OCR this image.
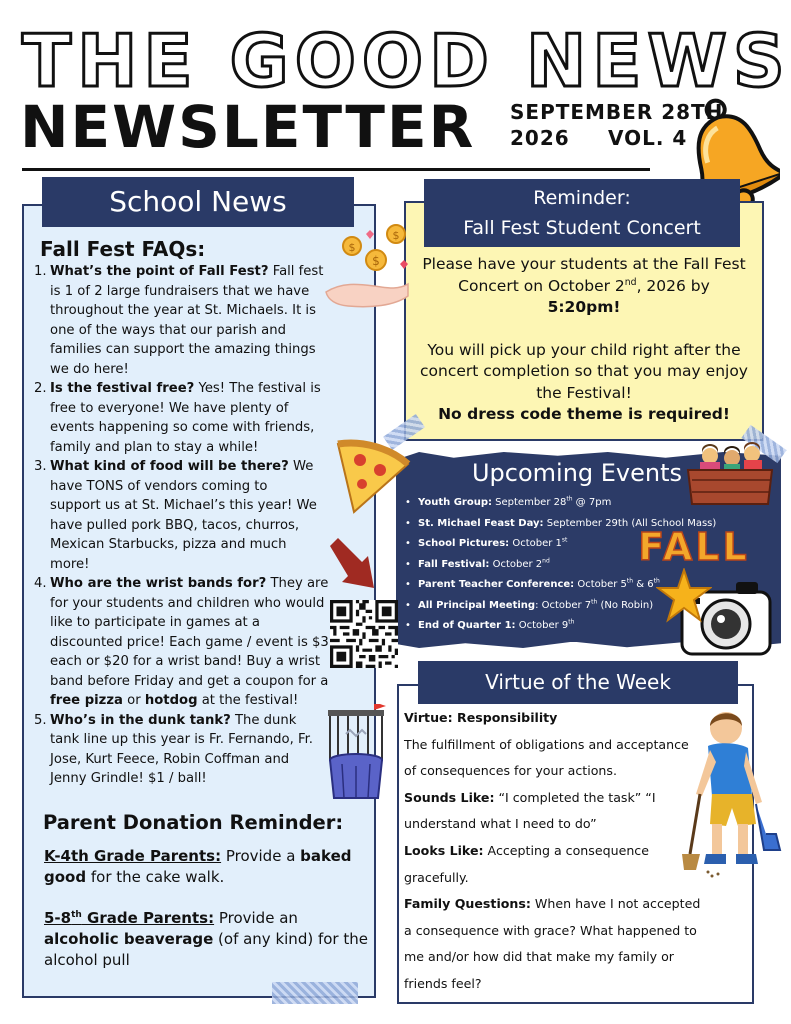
THE GOOD NEWS
NEWSLETTER	SEPTEMBER 28TH
2026 VOL. 4
School News
Fall Fest FAQs:
1. What’s the point of Fall Fest? Fall fest is 1 of 2 large fundraisers that we have throughout the year at St. Michaels. It is one of the ways that our parish and families can support the amazing things we do here!
2. Is the festival free? Yes! The festival is free to everyone! We have plenty of events happening so come with friends, family and plan to stay a while!
3. What kind of food will be there? We have TONS of vendors coming to support us at St. Michael’s this year! We have pulled pork BBQ, tacos, churros, Mexican Starbucks, pizza and much more!
4. Who are the wrist bands for? They are for your students and children who would like to participate in games at a discounted price! Each game / event is $3 each or $20 for a wrist band! Buy a wrist band before Friday and get a coupon for a free pizza or hotdog at the festival!
5. Who’s in the dunk tank? The dunk tank line up this year is Fr. Fernando, Fr. Jose, Kurt Feece, Robin Coffman and Jenny Grindle! $1 / ball!
Parent Donation Reminder:
K-4th Grade Parents: Provide a baked good for the cake walk.
5-8th Grade Parents: Provide an alcoholic beaverage (of any kind) for the alcohol pull
$
$
$
Reminder:
Fall Fest Student Concert
Please have your students at the Fall Fest Concert on October 2nd, 2026 by
5:20pm!
You will pick up your child right after the concert completion so that you may enjoy the Festival!
No dress code theme is required!
Upcoming Events
• Youth Group: September 28th @ 7pm
• St. Michael Feast Day: September 29th (All School Mass)
• School Pictures: October 1st
• Fall Festival: October 2nd
• Parent Teacher Conference: October 5th & 6th
• All Principal Meeting: October 7th (No Robin)
• End of Quarter 1: October 9th
FALL
Virtue of the Week
Virtue: Responsibility
The fulfillment of obligations and acceptance of consequences for your actions.
Sounds Like: “I completed the task” “I understand what I need to do”
Looks Like: Accepting a consequence gracefully.
Family Questions: When have I not accepted a consequence with grace? What happened to me and/or how did that make my family or friends feel?
